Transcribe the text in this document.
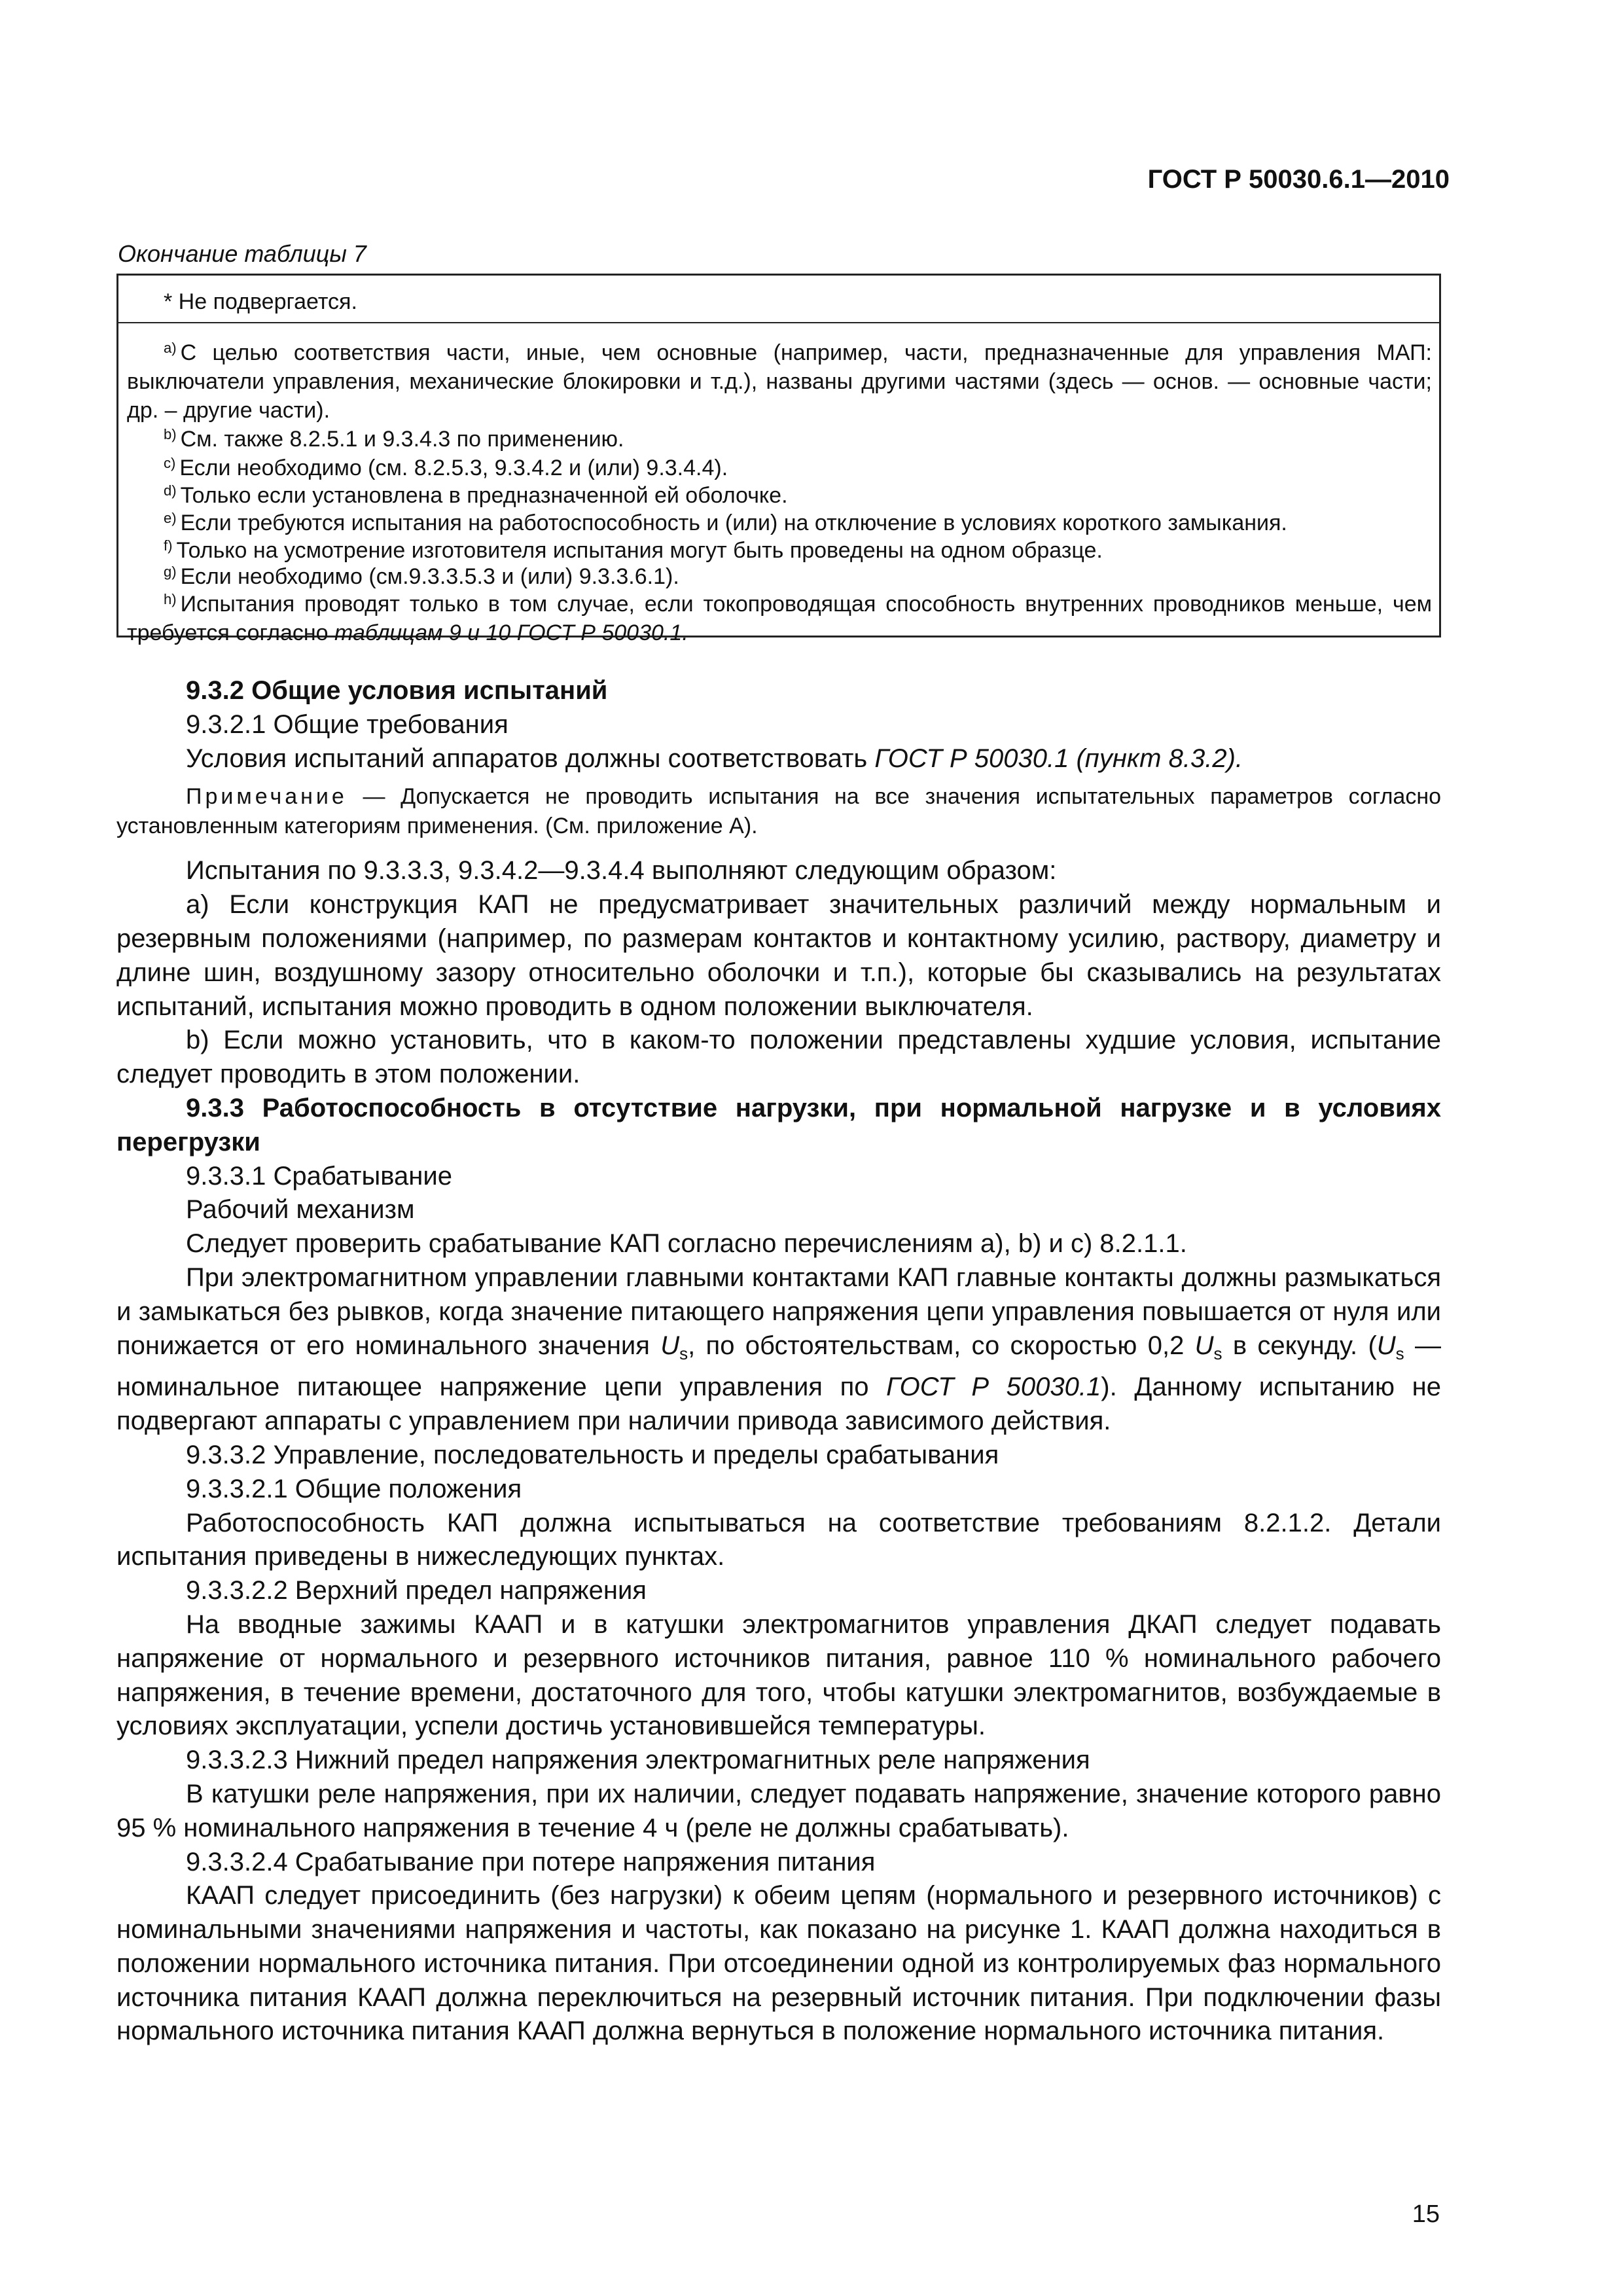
ГОСТ Р 50030.6.1—2010
Окончание таблицы 7
* Не подвергается.
$^{a)}$ С целью соответствия части, иные, чем основные (например, части, предназначенные для управления МАП: выключатели управления, механические блокировки и т.д.), названы другими частями (здесь — основ. — основные части; др. – другие части).
$^{b)}$ См. также 8.2.5.1 и 9.3.4.3 по применению.
$^{c)}$ Если необходимо (см. 8.2.5.3, 9.3.4.2 и (или) 9.3.4.4).
$^{d)}$ Только если установлена в предназначенной ей оболочке.
$^{e)}$ Если требуются испытания на работоспособность и (или) на отключение в условиях короткого замыкания.
$^{f)}$ Только на усмотрение изготовителя испытания могут быть проведены на одном образце.
$^{g)}$ Если необходимо (см.9.3.3.5.3 и (или) 9.3.3.6.1).
$^{h)}$ Испытания проводят только в том случае, если токопроводящая способность внутренних проводников меньше, чем требуется согласно таблицам 9 и 10 ГОСТ Р 50030.1.

9.3.2 Общие условия испытаний

9.3.2.1 Общие требования

Условия испытаний аппаратов должны соответствовать ГОСТ Р 50030.1 (пункт 8.3.2).

Примечание — Допускается не проводить испытания на все значения испытательных параметров согласно установленным категориям применения. (См. приложение А).

Испытания по 9.3.3.3, 9.3.4.2—9.3.4.4 выполняют следующим образом:

a) Если конструкция КАП не предусматривает значительных различий между нормальным и резервным положениями (например, по размерам контактов и контактному усилию, раствору, диаметру и длине шин, воздушному зазору относительно оболочки и т.п.), которые бы сказывались на результатах испытаний, испытания можно проводить в одном положении выключателя.

b) Если можно установить, что в каком-то положении представлены худшие условия, испытание следует проводить в этом положении.

9.3.3 Работоспособность в отсутствие нагрузки, при нормальной нагрузке и в условиях перегрузки

9.3.3.1 Срабатывание

Рабочий механизм

Следует проверить срабатывание КАП согласно перечислениям a), b) и c) 8.2.1.1.

При электромагнитном управлении главными контактами КАП главные контакты должны размыкаться и замыкаться без рывков, когда значение питающего напряжения цепи управления повышается от нуля или понижается от его номинального значения $U_s$, по обстоятельствам, со скоростью 0,2 $U_s$ в секунду. ($U_s$ — номинальное питающее напряжение цепи управления по ГОСТ Р 50030.1). Данному испытанию не подвергают аппараты с управлением при наличии привода зависимого действия.

9.3.3.2 Управление, последовательность и пределы срабатывания

9.3.3.2.1 Общие положения

Работоспособность КАП должна испытываться на соответствие требованиям 8.2.1.2. Детали испытания приведены в нижеследующих пунктах.

9.3.3.2.2 Верхний предел напряжения

На вводные зажимы КААП и в катушки электромагнитов управления ДКАП следует подавать напряжение от нормального и резервного источников питания, равное 110 % номинального рабочего напряжения, в течение времени, достаточного для того, чтобы катушки электромагнитов, возбуждаемые в условиях эксплуатации, успели достичь установившейся температуры.

9.3.3.2.3 Нижний предел напряжения электромагнитных реле напряжения

В катушки реле напряжения, при их наличии, следует подавать напряжение, значение которого равно 95 % номинального напряжения в течение 4 ч (реле не должны срабатывать).

9.3.3.2.4 Срабатывание при потере напряжения питания

КААП следует присоединить (без нагрузки) к обеим цепям (нормального и резервного источников) с номинальными значениями напряжения и частоты, как показано на рисунке 1. КААП должна находиться в положении нормального источника питания. При отсоединении одной из контролируемых фаз нормального источника питания КААП должна переключиться на резервный источник питания. При подключении фазы нормального источника питания КААП должна вернуться в положение нормального источника питания.

15
